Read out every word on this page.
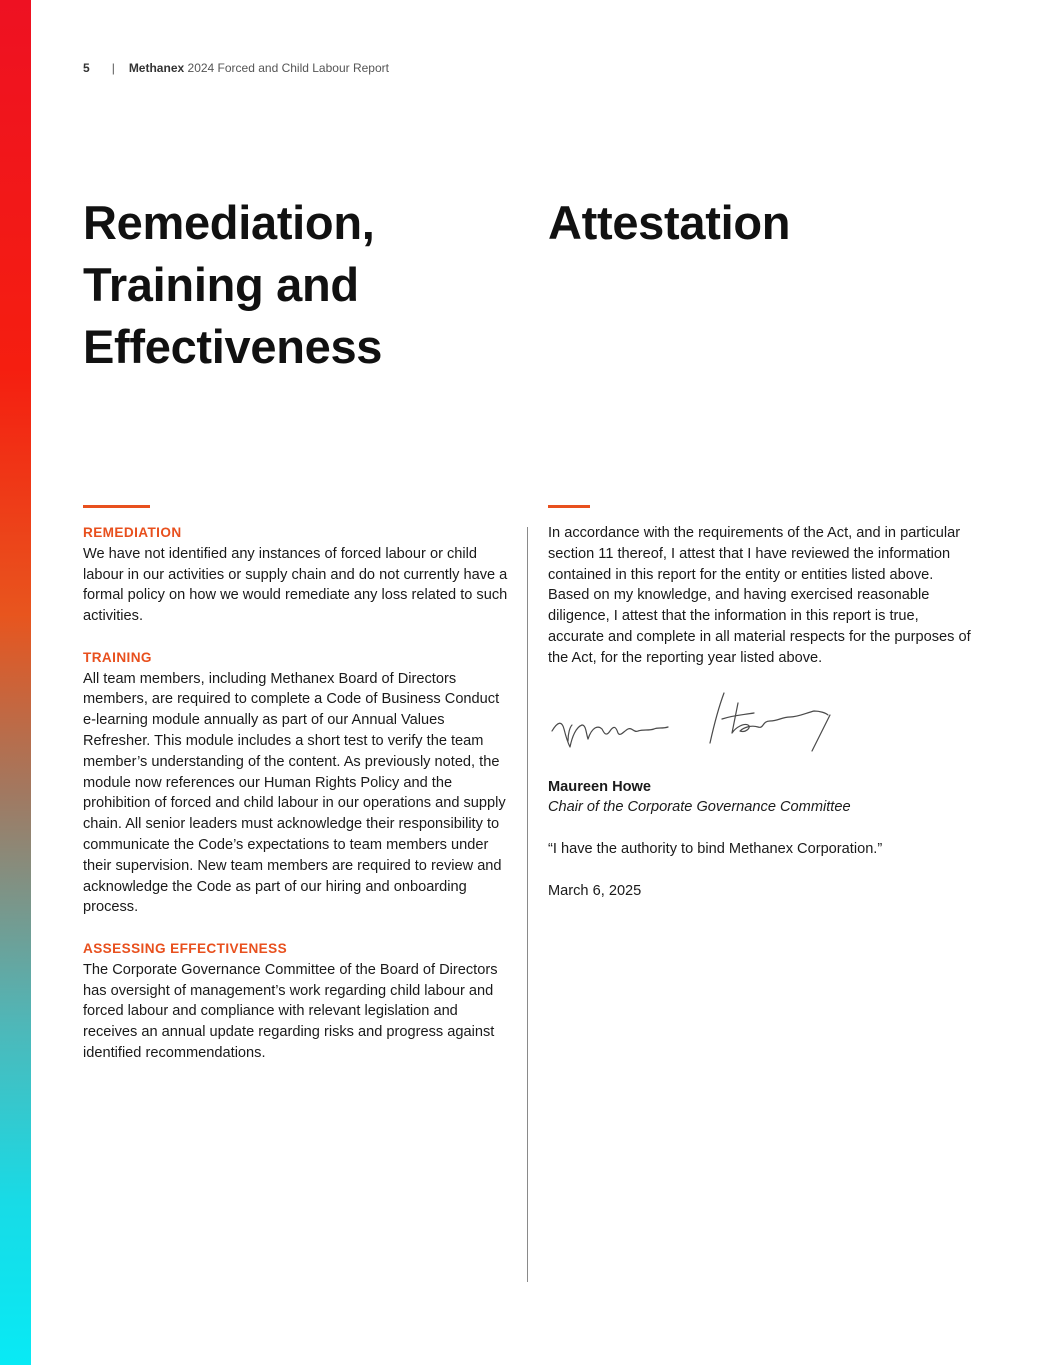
5 | Methanex 2024 Forced and Child Labour Report
Remediation, Training and Effectiveness
Attestation

REMEDIATION

We have not identified any instances of forced labour or child labour in our activities or supply chain and do not currently have a formal policy on how we would remediate any loss related to such activities.

TRAINING

All team members, including Methanex Board of Directors members, are required to complete a Code of Business Conduct e-learning module annually as part of our Annual Values Refresher. This module includes a short test to verify the team member’s understanding of the content. As previously noted, the module now references our Human Rights Policy and the prohibition of forced and child labour in our operations and supply chain. All senior leaders must acknowledge their responsibility to communicate the Code’s expectations to team members under their supervision. New team members are required to review and acknowledge the Code as part of our hiring and onboarding process.

ASSESSING EFFECTIVENESS

The Corporate Governance Committee of the Board of Directors has oversight of management’s work regarding child labour and forced labour and compliance with relevant legislation and receives an annual update regarding risks and progress against identified recommendations.

In accordance with the requirements of the Act, and in particular section 11 thereof, I attest that I have reviewed the information contained in this report for the entity or entities listed above. Based on my knowledge, and having exercised reasonable diligence, I attest that the information in this report is true, accurate and complete in all material respects for the purposes of the Act, for the reporting year listed above.

Maureen Howe

Chair of the Corporate Governance Committee

“I have the authority to bind Methanex Corporation.”

March 6, 2025
